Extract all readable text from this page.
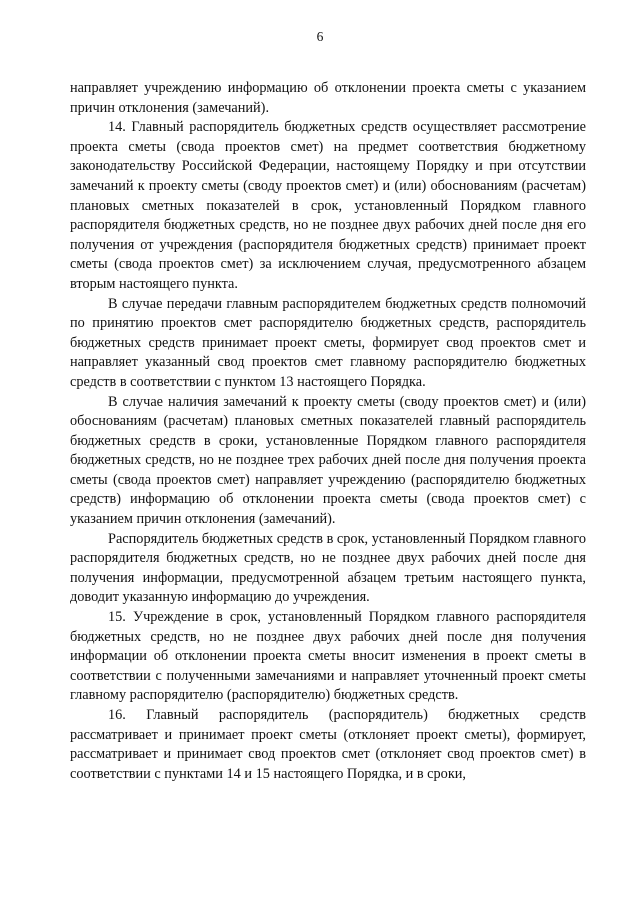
6

направляет учреждению информацию об отклонении проекта сметы с указанием причин отклонения (замечаний).

14. Главный распорядитель бюджетных средств осуществляет рассмотрение проекта сметы (свода проектов смет) на предмет соответствия бюджетному законодательству Российской Федерации, настоящему Порядку и при отсутствии замечаний к проекту сметы (своду проектов смет) и (или) обоснованиям (расчетам) плановых сметных показателей в срок, установленный Порядком главного распорядителя бюджетных средств, но не позднее двух рабочих дней после дня его получения от учреждения (распорядителя бюджетных средств) принимает проект сметы (свода проектов смет) за исключением случая, предусмотренного абзацем вторым настоящего пункта.

В случае передачи главным распорядителем бюджетных средств полномочий по принятию проектов смет распорядителю бюджетных средств, распорядитель бюджетных средств принимает проект сметы, формирует свод проектов смет и направляет указанный свод проектов смет главному распорядителю бюджетных средств в соответствии с пунктом 13 настоящего Порядка.

В случае наличия замечаний к проекту сметы (своду проектов смет) и (или) обоснованиям (расчетам) плановых сметных показателей главный распорядитель бюджетных средств в сроки, установленные Порядком главного распорядителя бюджетных средств, но не позднее трех рабочих дней после дня получения проекта сметы (свода проектов смет) направляет учреждению (распорядителю бюджетных средств) информацию об отклонении проекта сметы (свода проектов смет) с указанием причин отклонения (замечаний).

Распорядитель бюджетных средств в срок, установленный Порядком главного распорядителя бюджетных средств, но не позднее двух рабочих дней после дня получения информации, предусмотренной абзацем третьим настоящего пункта, доводит указанную информацию до учреждения.

15. Учреждение в срок, установленный Порядком главного распорядителя бюджетных средств, но не позднее двух рабочих дней после дня получения информации об отклонении проекта сметы вносит изменения в проект сметы в соответствии с полученными замечаниями и направляет уточненный проект сметы главному распорядителю (распорядителю) бюджетных средств.

16. Главный распорядитель (распорядитель) бюджетных средств рассматривает и принимает проект сметы (отклоняет проект сметы), формирует, рассматривает и принимает свод проектов смет (отклоняет свод проектов смет) в соответствии с пунктами 14 и 15 настоящего Порядка, и в сроки,
